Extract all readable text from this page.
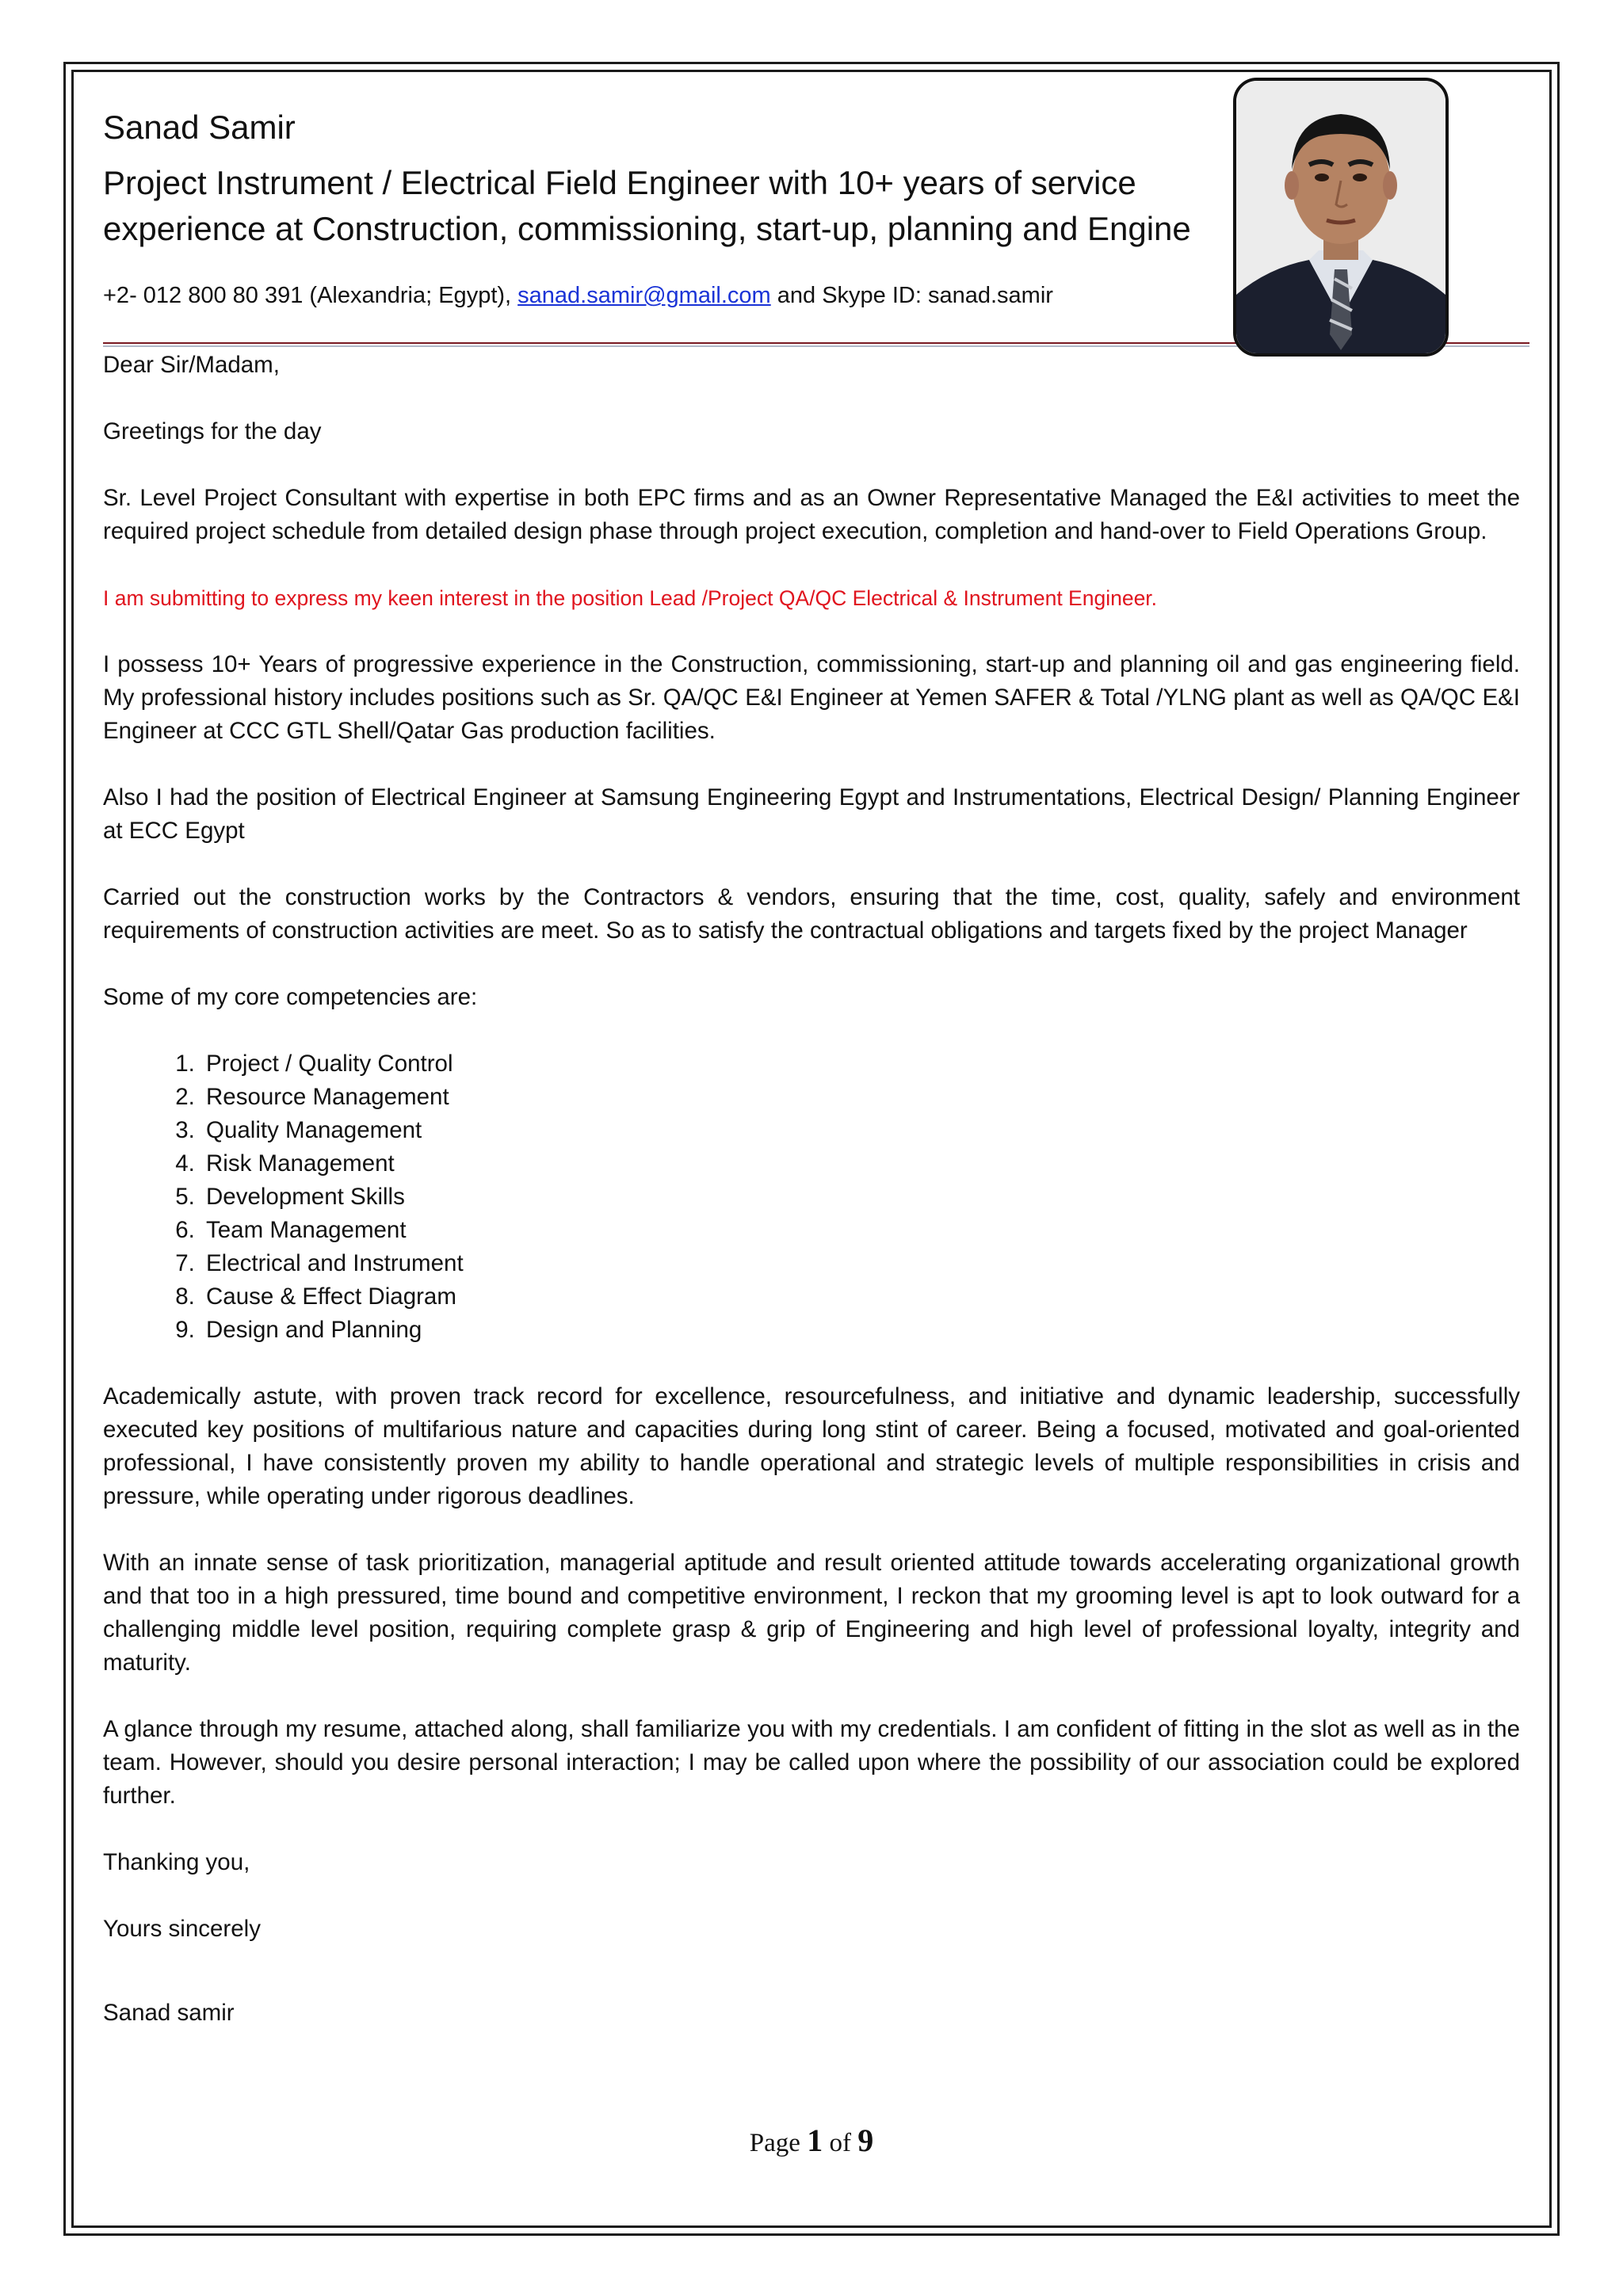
Sanad Samir
Project Instrument / Electrical Field Engineer with 10+ years of service
experience at Construction, commissioning, start-up, planning and Engine
+2- 012 800 80 391 (Alexandria; Egypt), sanad.samir@gmail.com and Skype ID: sanad.samir

Dear Sir/Madam,

Greetings for the day

Sr. Level Project Consultant with expertise in both EPC firms and as an Owner Representative Managed the E&I activities to meet the required project schedule from detailed design phase through project execution, completion and hand-over to Field Operations Group.

I am submitting to express my keen interest in the position Lead /Project QA/QC Electrical & Instrument Engineer.

I possess 10+ Years of progressive experience in the Construction, commissioning, start-up and planning oil and gas engineering field. My professional history includes positions such as Sr. QA/QC E&I Engineer at Yemen SAFER & Total /YLNG plant as well as QA/QC E&I Engineer at CCC GTL Shell/Qatar Gas production facilities.

Also I had the position of Electrical Engineer at Samsung Engineering Egypt and Instrumentations, Electrical Design/ Planning Engineer at ECC Egypt

Carried out the construction works by the Contractors & vendors, ensuring that the time, cost, quality, safely and environment requirements of construction activities are meet. So as to satisfy the contractual obligations and targets fixed by the project Manager

Some of my core competencies are:

1. Project / Quality Control
2. Resource Management
3. Quality Management
4. Risk Management
5. Development Skills
6. Team Management
7. Electrical and Instrument
8. Cause & Effect Diagram
9. Design and Planning

Academically astute, with proven track record for excellence, resourcefulness, and initiative and dynamic leadership, successfully executed key positions of multifarious nature and capacities during long stint of career. Being a focused, motivated and goal-oriented professional, I have consistently proven my ability to handle operational and strategic levels of multiple responsibilities in crisis and pressure, while operating under rigorous deadlines.

With an innate sense of task prioritization, managerial aptitude and result oriented attitude towards accelerating organizational growth and that too in a high pressured, time bound and competitive environment, I reckon that my grooming level is apt to look outward for a challenging middle level position, requiring complete grasp & grip of Engineering and high level of professional loyalty, integrity and maturity.

A glance through my resume, attached along, shall familiarize you with my credentials. I am confident of fitting in the slot as well as in the team. However, should you desire personal interaction; I may be called upon where the possibility of our association could be explored further.

Thanking you,

Yours sincerely

Sanad samir

Page 1 of 9
